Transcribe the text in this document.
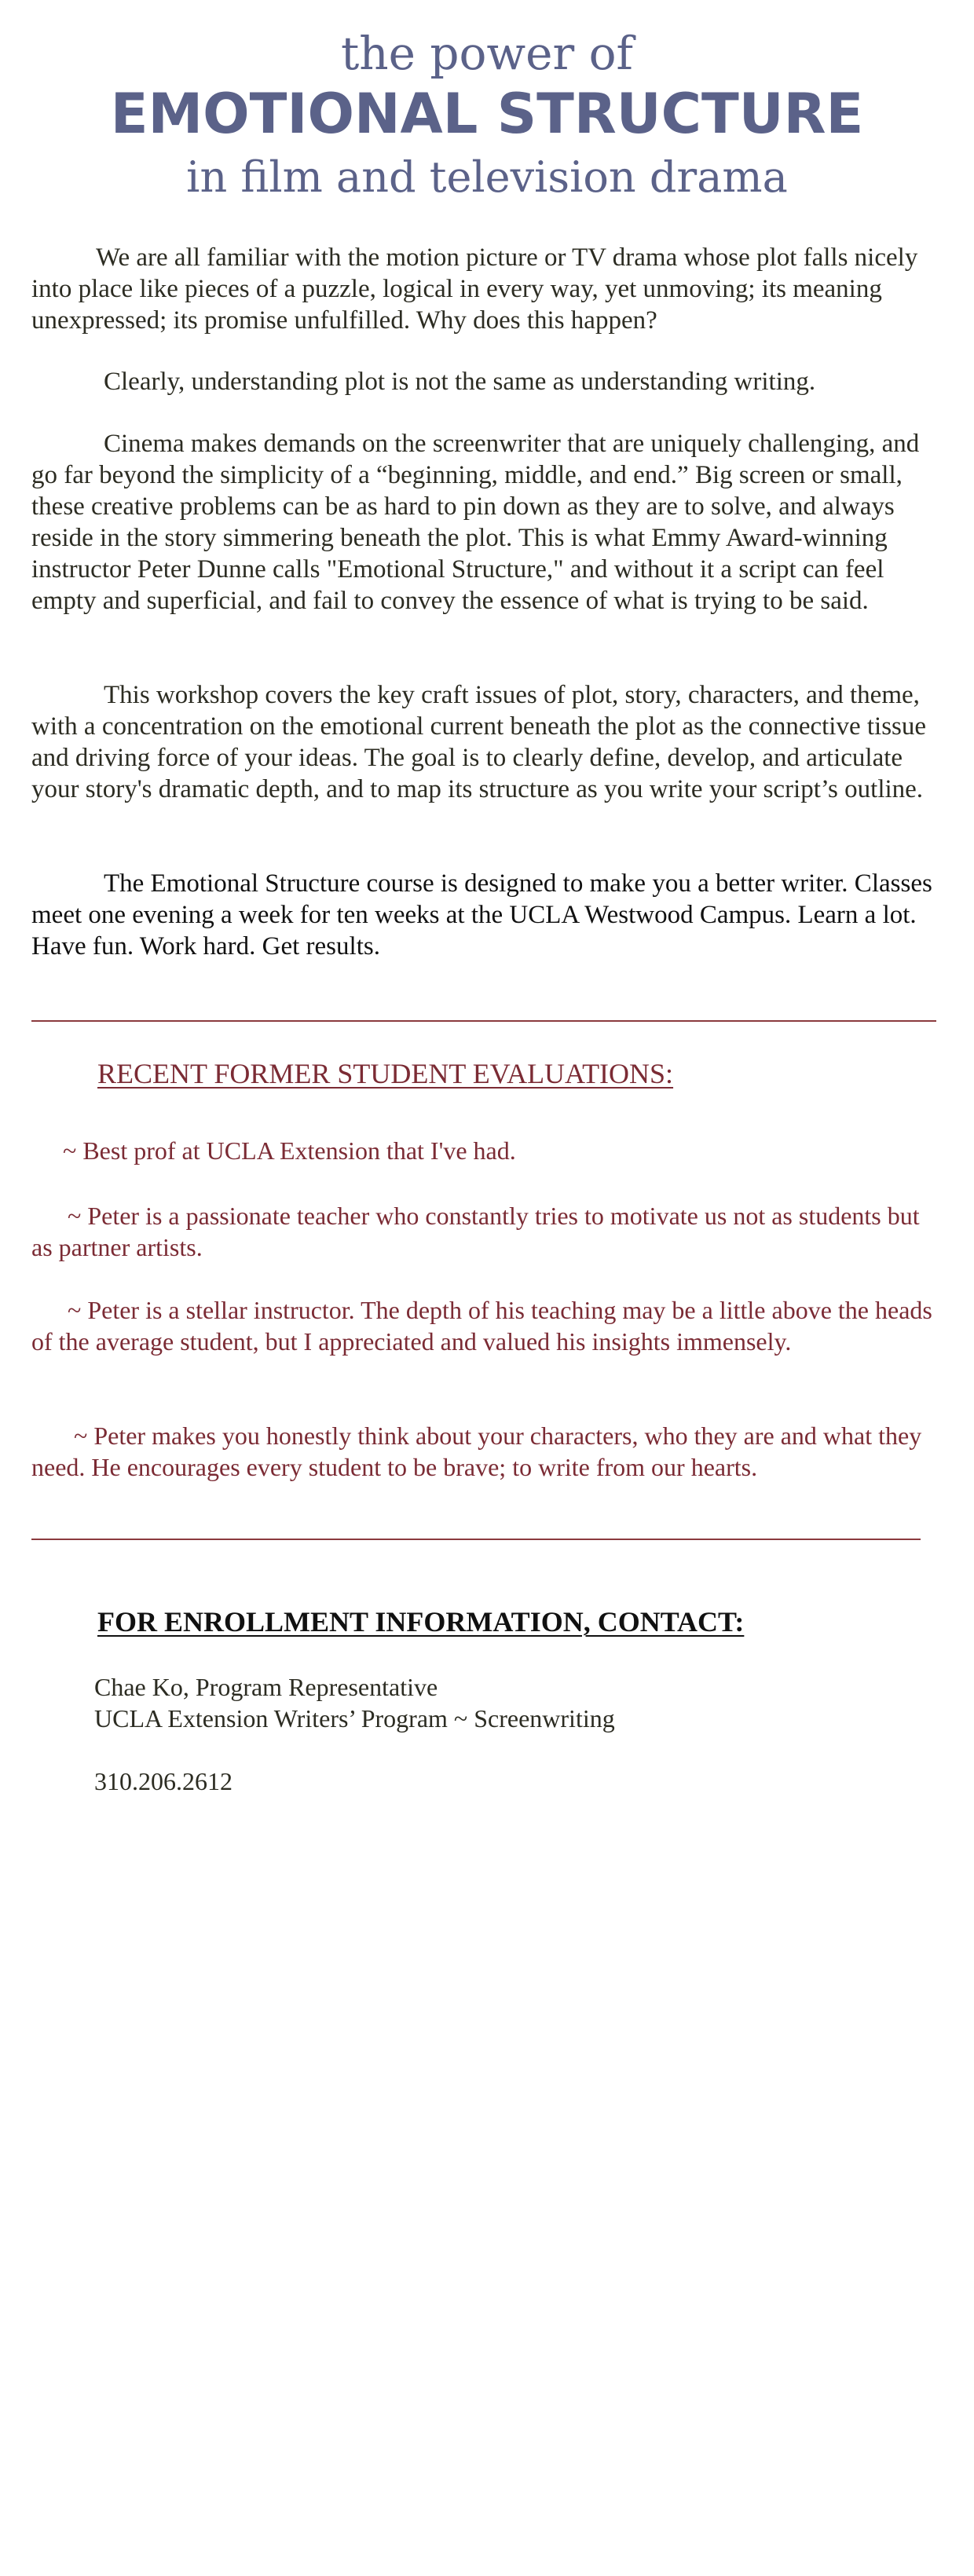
the power of
EMOTIONAL STRUCTURE
in film and television drama
We are all familiar with the motion picture or TV drama whose plot falls nicely into place like pieces of a puzzle, logical in every way, yet unmoving; its meaning unexpressed; its promise unfulfilled. Why does this happen?
Clearly, understanding plot is not the same as understanding writing.
Cinema makes demands on the screenwriter that are uniquely challenging, and go far beyond the simplicity of a “beginning, middle, and end.” Big screen or small, these creative problems can be as hard to pin down as they are to solve, and always reside in the story simmering beneath the plot. This is what Emmy Award-winning instructor Peter Dunne calls "Emotional Structure," and without it a script can feel empty and superficial, and fail to convey the essence of what is trying to be said.
This workshop covers the key craft issues of plot, story, characters, and theme, with a concentration on the emotional current beneath the plot as the connective tissue and driving force of your ideas. The goal is to clearly define, develop, and articulate your story's dramatic depth, and to map its structure as you write your script’s outline.
The Emotional Structure course is designed to make you a better writer. Classes meet one evening a week for ten weeks at the UCLA Westwood Campus. Learn a lot. Have fun. Work hard. Get results.
RECENT FORMER STUDENT EVALUATIONS:
~ Best prof at UCLA Extension that I've had.
~ Peter is a passionate teacher who constantly tries to motivate us not as students but as partner artists.
~ Peter is a stellar instructor. The depth of his teaching may be a little above the heads of the average student, but I appreciated and valued his insights immensely.
~ Peter makes you honestly think about your characters, who they are and what they need. He encourages every student to be brave; to write from our hearts.
FOR ENROLLMENT INFORMATION, CONTACT:
Chae Ko, Program Representative
UCLA Extension Writers’ Program ~ Screenwriting
310.206.2612
